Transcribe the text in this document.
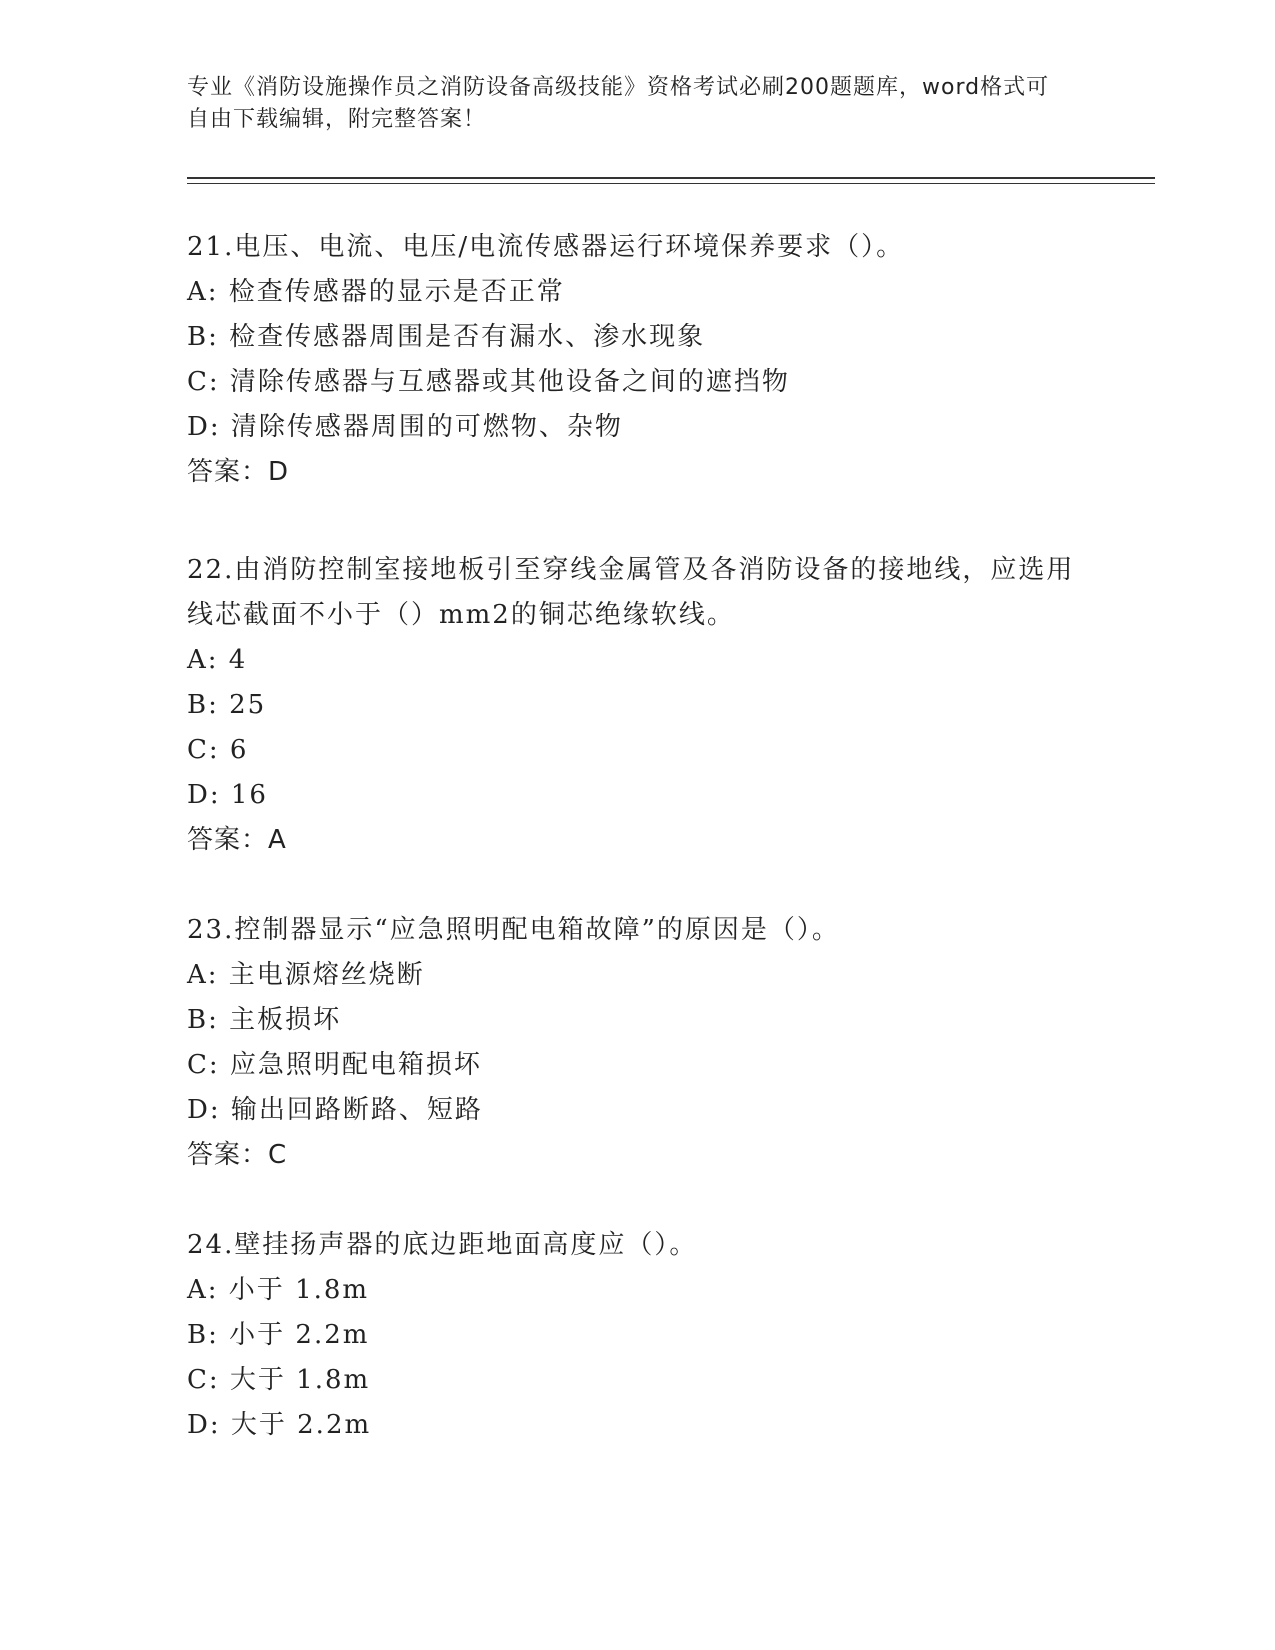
专业《消防设施操作员之消防设备高级技能》资格考试必刷200题题库，word格式可自由下载编辑，附完整答案！

21.电压、电流、电压/电流传感器运行环境保养要求（）。

A: 检查传感器的显示是否正常

B: 检查传感器周围是否有漏水、渗水现象

C: 清除传感器与互感器或其他设备之间的遮挡物

D: 清除传感器周围的可燃物、杂物

答案：D

22.由消防控制室接地板引至穿线金属管及各消防设备的接地线，应选用线芯截面不小于（）mm2的铜芯绝缘软线。

A: 4

B: 25

C: 6

D: 16

答案：A

23.控制器显示“应急照明配电箱故障”的原因是（）。

A: 主电源熔丝烧断

B: 主板损坏

C: 应急照明配电箱损坏

D: 输出回路断路、短路

答案：C

24.壁挂扬声器的底边距地面高度应（）。

A: 小于 1.8m

B: 小于 2.2m

C: 大于 1.8m

D: 大于 2.2m
